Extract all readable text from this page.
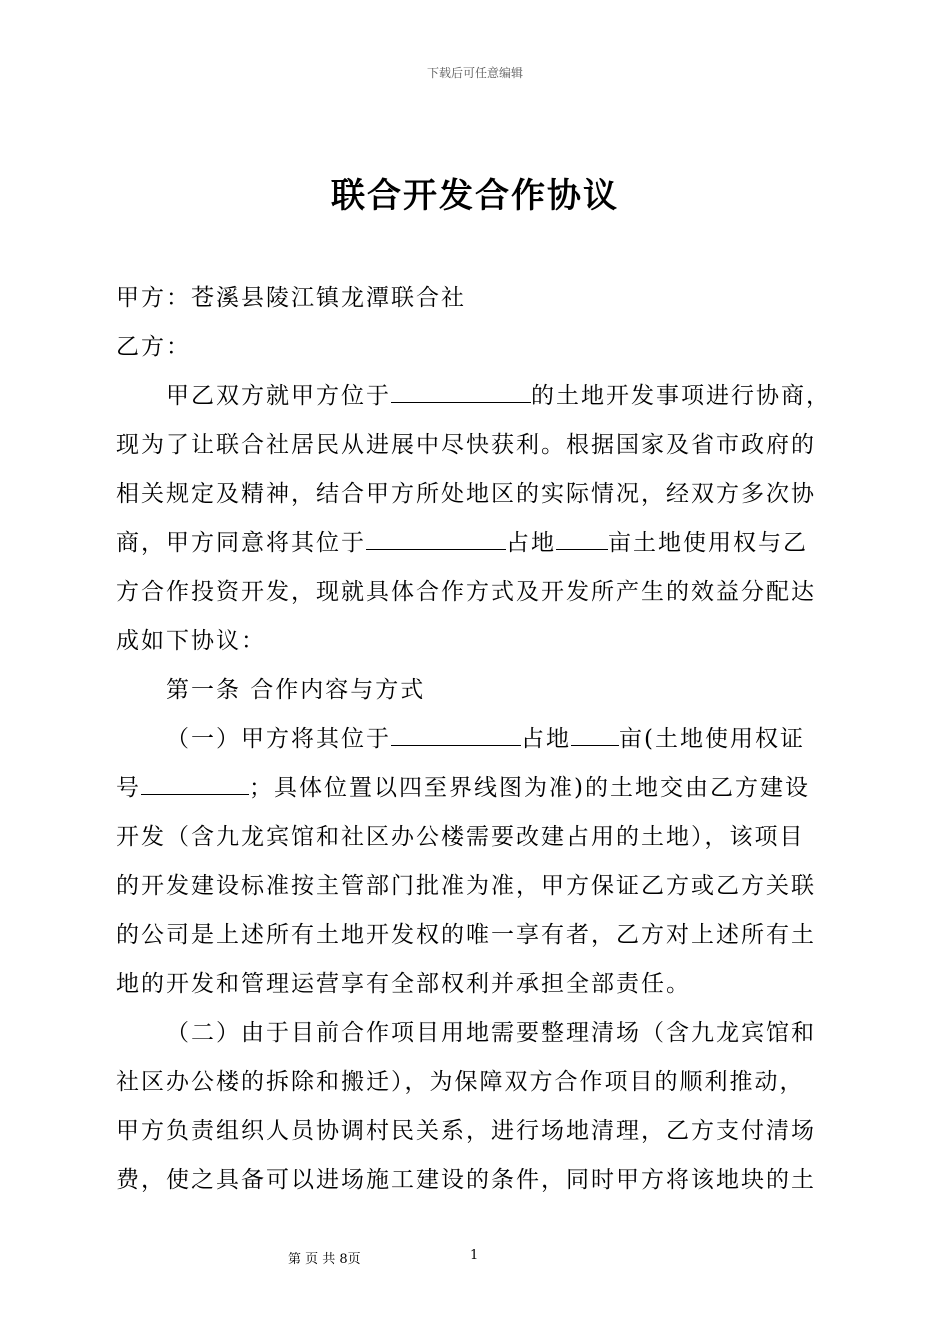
下载后可任意编辑
联合开发合作协议
甲方：苍溪县陵江镇龙潭联合社
乙方：
甲乙双方就甲方位于	的土地开发事项进行协商，
现为了让联合社居民从进展中尽快获利。根据国家及省市政府的
相关规定及精神，结合甲方所处地区的实际情况，经双方多次协
商，甲方同意将其位于	占地 亩土地使用权与乙
方合作投资开发，现就具体合作方式及开发所产生的效益分配达
成如下协议：
第一条 合作内容与方式
（一）甲方将其位于	占地 亩(土地使用权证
号	；具体位置以四至界线图为准)的土地交由乙方建设
开发（含九龙宾馆和社区办公楼需要改建占用的土地），该项目
的开发建设标准按主管部门批准为准，甲方保证乙方或乙方关联
的公司是上述所有土地开发权的唯一享有者，乙方对上述所有土
地的开发和管理运营享有全部权利并承担全部责任。
（二）由于目前合作项目用地需要整理清场（含九龙宾馆和
社区办公楼的拆除和搬迁），为保障双方合作项目的顺利推动，
甲方负责组织人员协调村民关系，进行场地清理，乙方支付清场
费，使之具备可以进场施工建设的条件，同时甲方将该地块的土
第 页 共 8页	1
